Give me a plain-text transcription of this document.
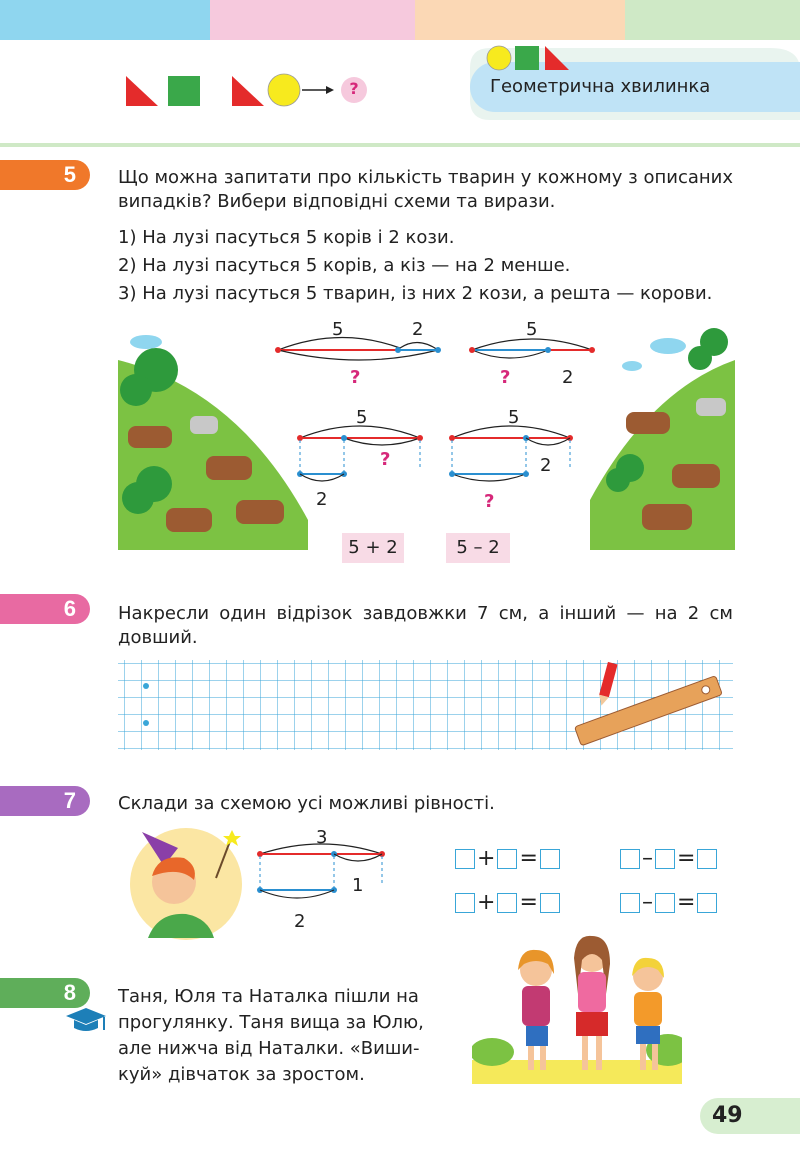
?	Геометрична хвилинка
5	Що можна запитати про кількість тварин у кожному з описаних випадків? Вибери відповідні схеми та вирази.
1) На лузі пасуться 5 корів і 2 кози.
2) На лузі пасуться 5 корів, а кіз — на 2 менше.
3) На лузі пасуться 5 тварин, із них 2 кози, а решта — корови.
5	2
?
5
?	2
5
?
2
5
2
?
5 + 2	5 – 2
6	Накресли один відрізок завдовжки 7 см, а інший — на 2 см довший.
7	Склади за схемою усі можливі рівності.
3
1
2
+ =	– =
+ =	– =
8	Таня, Юля та Наталка пішли на
прогулянку. Таня вища за Юлю,
але нижча від Наталки. «Виши-
куй» дівчаток за зростом.
49
